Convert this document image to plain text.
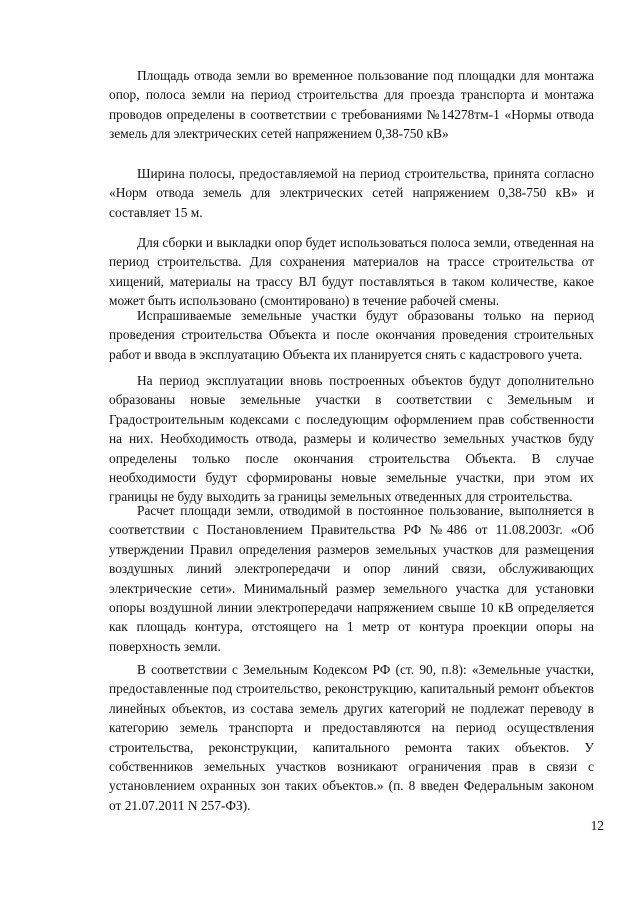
Площадь отвода земли во временное пользование под площадки для монтажа опор, полоса земли на период строительства для проезда транспорта и монтажа проводов определены в соответствии с требованиями №14278тм-1 «Нормы отвода земель для электрических сетей напряжением 0,38-750 кВ»

Ширина полосы, предоставляемой на период строительства, принята согласно «Норм отвода земель для электрических сетей напряжением 0,38-750 кВ» и составляет 15 м.

Для сборки и выкладки опор будет использоваться полоса земли, отведенная на период строительства. Для сохранения материалов на трассе строительства от хищений, материалы на трассу ВЛ будут поставляться в таком количестве, какое может быть использовано (смонтировано) в течение рабочей смены.

Испрашиваемые земельные участки будут образованы только на период проведения строительства Объекта и после окончания проведения строительных работ и ввода в эксплуатацию Объекта их планируется снять с кадастрового учета.

На период эксплуатации вновь построенных объектов будут дополнительно образованы новые земельные участки в соответствии с Земельным и Градостроительным кодексами с последующим оформлением прав собственности на них. Необходимость отвода, размеры и количество земельных участков буду определены только после окончания строительства Объекта. В случае необходимости будут сформированы новые земельные участки, при этом их границы не буду выходить за границы земельных отведенных для строительства.

Расчет площади земли, отводимой в постоянное пользование, выполняется в соответствии с Постановлением Правительства РФ №486 от 11.08.2003г. «Об утверждении Правил определения размеров земельных участков для размещения воздушных линий электропередачи и опор линий связи, обслуживающих электрические сети». Минимальный размер земельного участка для установки опоры воздушной линии электропередачи напряжением свыше 10 кВ определяется как площадь контура, отстоящего на 1 метр от контура проекции опоры на поверхность земли.

В соответствии с Земельным Кодексом РФ (ст. 90, п.8): «Земельные участки, предоставленные под строительство, реконструкцию, капитальный ремонт объектов линейных объектов, из состава земель других категорий не подлежат переводу в категорию земель транспорта и предоставляются на период осуществления строительства, реконструкции, капитального ремонта таких объектов. У собственников земельных участков возникают ограничения прав в связи с установлением охранных зон таких объектов.» (п. 8 введен Федеральным законом от 21.07.2011 N 257-ФЗ).

12
